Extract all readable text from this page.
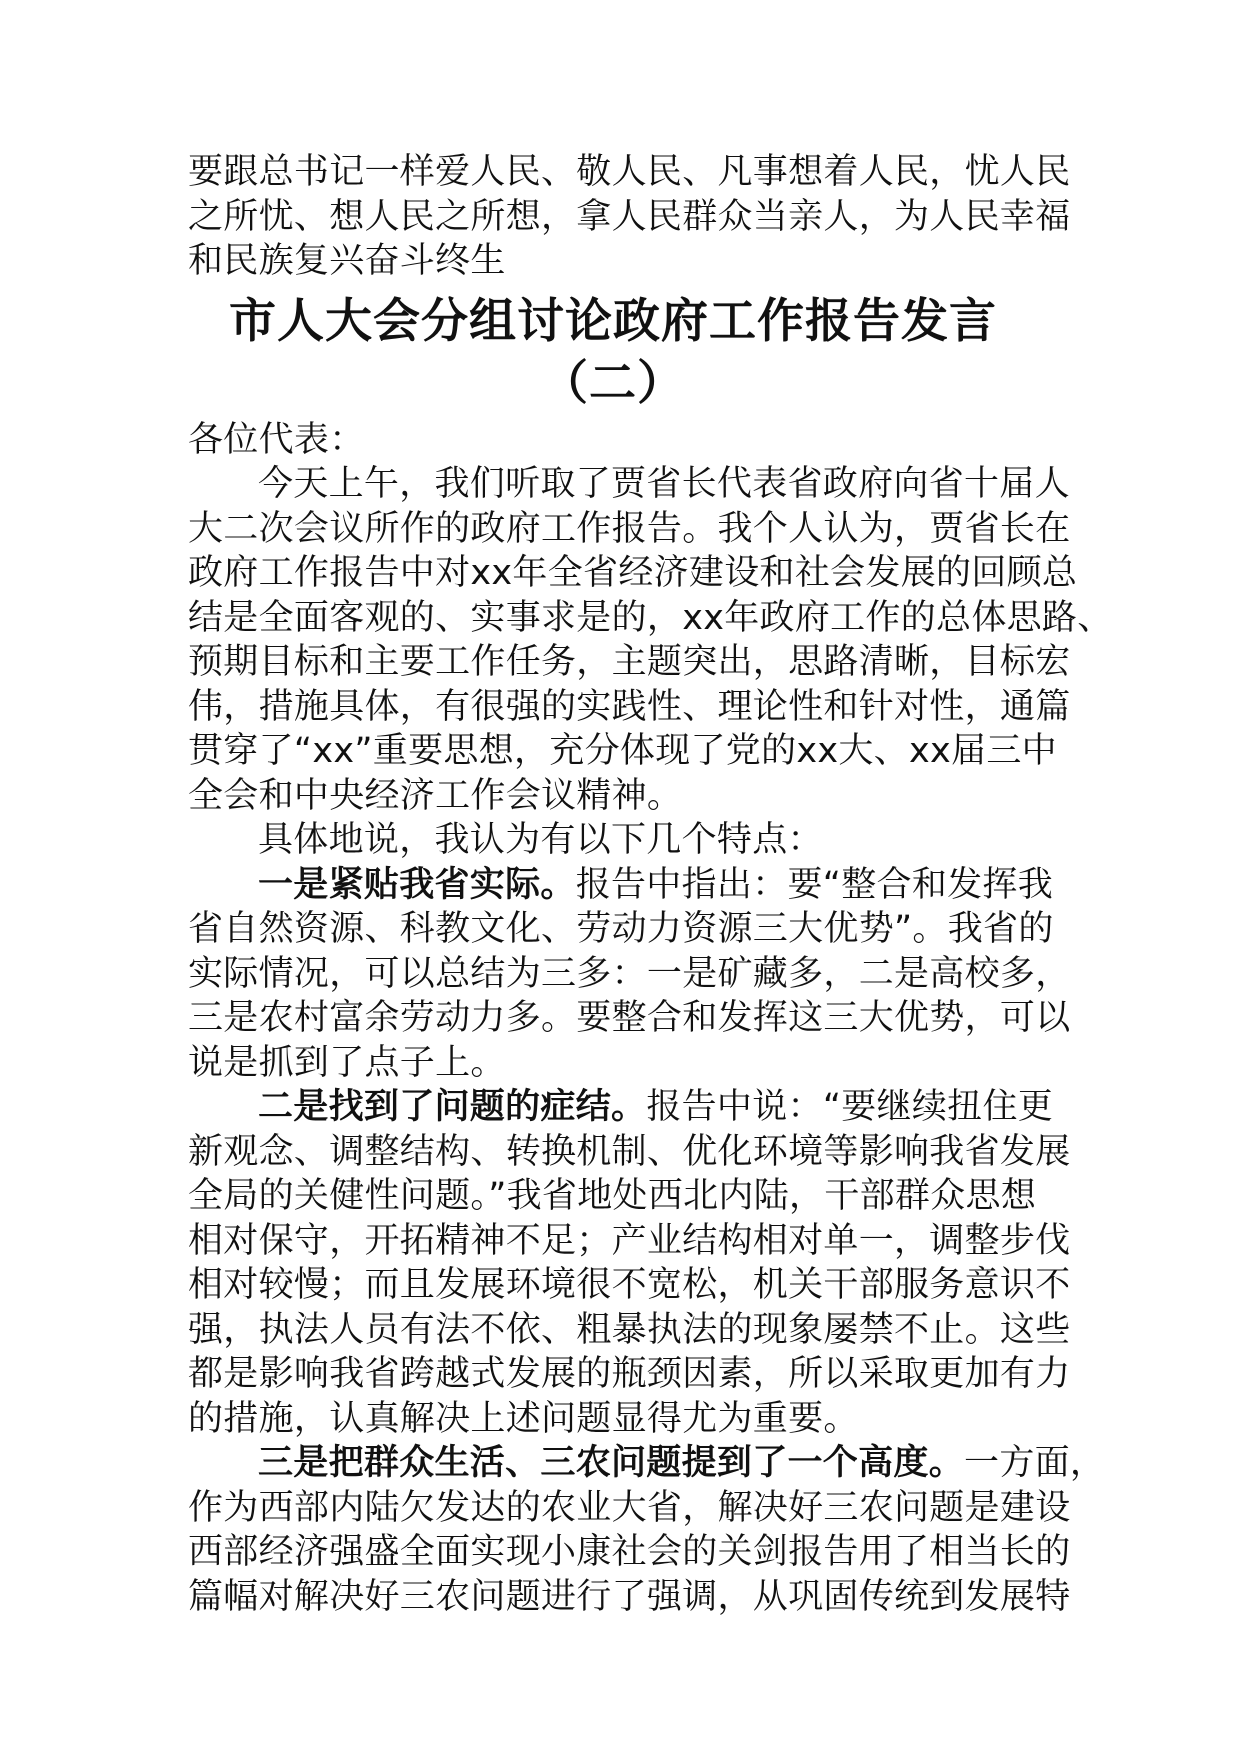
要跟总书记一样爱人民、敬人民、凡事想着人民，忧人民
之所忧、想人民之所想，拿人民群众当亲人，为人民幸福
和民族复兴奋斗终生
市人大会分组讨论政府工作报告发言
（二）
各位代表：
今天上午，我们听取了贾省长代表省政府向省十届人
大二次会议所作的政府工作报告。我个人认为，贾省长在
政府工作报告中对xx年全省经济建设和社会发展的回顾总
结是全面客观的、实事求是的，xx年政府工作的总体思路、
预期目标和主要工作任务，主题突出，思路清晰，目标宏
伟，措施具体，有很强的实践性、理论性和针对性，通篇
贯穿了“xx”重要思想，充分体现了党的xx大、xx届三中
全会和中央经济工作会议精神。
具体地说，我认为有以下几个特点：
一是紧贴我省实际。报告中指出：要“整合和发挥我
省自然资源、科教文化、劳动力资源三大优势”。我省的
实际情况，可以总结为三多：一是矿藏多，二是高校多，
三是农村富余劳动力多。要整合和发挥这三大优势，可以
说是抓到了点子上。
二是找到了问题的症结。报告中说：“要继续扭住更
新观念、调整结构、转换机制、优化环境等影响我省发展
全局的关健性问题。”我省地处西北内陆，干部群众思想
相对保守，开拓精神不足；产业结构相对单一，调整步伐
相对较慢；而且发展环境很不宽松，机关干部服务意识不
强，执法人员有法不依、粗暴执法的现象屡禁不止。这些
都是影响我省跨越式发展的瓶颈因素，所以采取更加有力
的措施，认真解决上述问题显得尤为重要。
三是把群众生活、三农问题提到了一个高度。一方面，
作为西部内陆欠发达的农业大省，解决好三农问题是建设
西部经济强盛全面实现小康社会的关剑报告用了相当长的
篇幅对解决好三农问题进行了强调，从巩固传统到发展特
